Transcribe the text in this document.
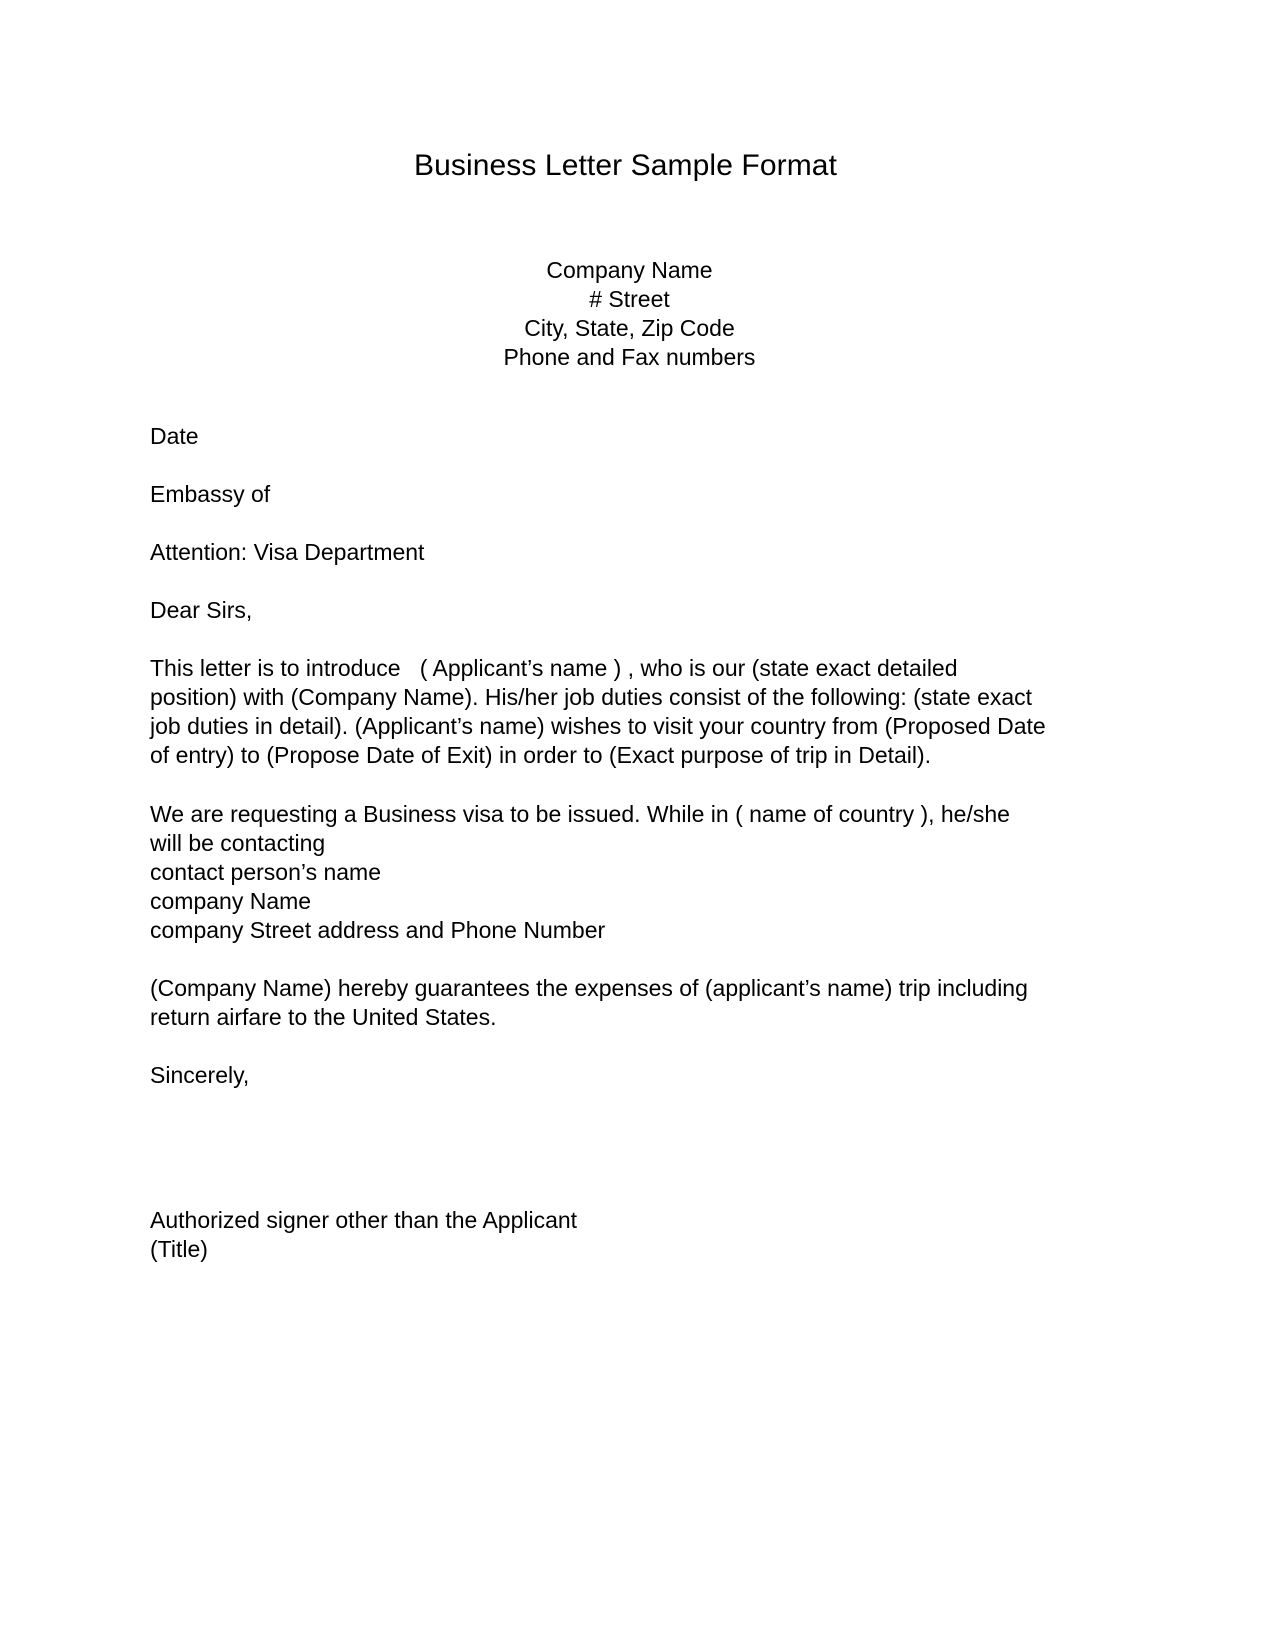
Business Letter Sample Format
Company Name
# Street
City, State, Zip Code
Phone and Fax numbers
Date
Embassy of
Attention: Visa Department
Dear Sirs,
This letter is to introduce   ( Applicant’s name ) , who is our (state exact detailed
position) with (Company Name). His/her job duties consist of the following: (state exact
job duties in detail). (Applicant’s name) wishes to visit your country from (Proposed Date
of entry) to (Propose Date of Exit) in order to (Exact purpose of trip in Detail).
We are requesting a Business visa to be issued. While in ( name of country ), he/she
will be contacting
contact person’s name
company Name
company Street address and Phone Number
(Company Name) hereby guarantees the expenses of (applicant’s name) trip including
return airfare to the United States.
Sincerely,
Authorized signer other than the Applicant
(Title)
